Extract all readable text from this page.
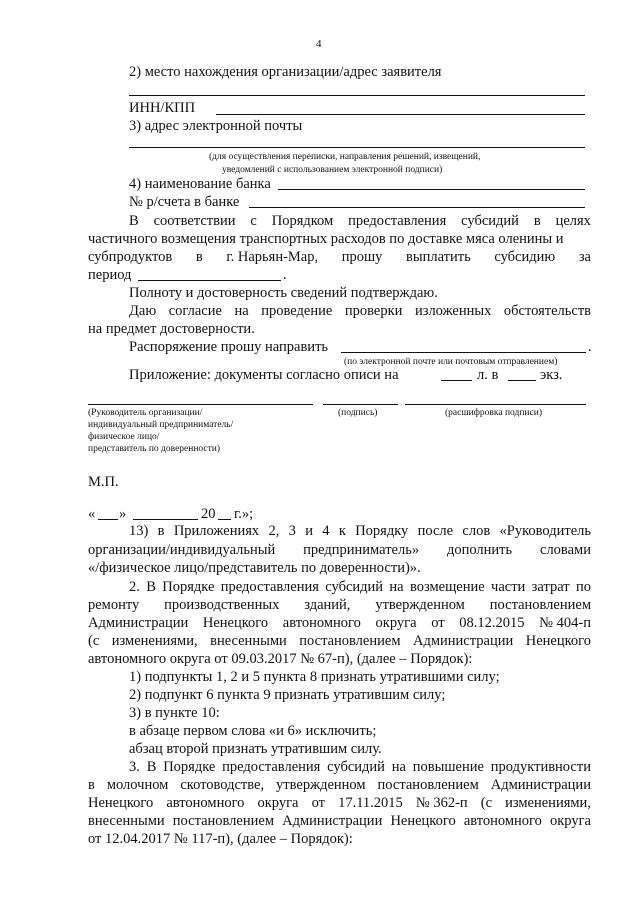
4
2) место нахождения организации/адрес заявителя
ИНН/КПП
3) адрес электронной почты
(для осуществления переписки, направления решений, извещений,
уведомлений с использованием электронной подписи)
4) наименование банка
№ р/счета в банке
В соответствии с Порядком предоставления субсидий в целях
частичного возмещения транспортных расходов по доставке мяса оленины и
субпродуктов в г. Нарьян-Мар, прошу выплатить субсидию за
период	.
Полноту и достоверность сведений подтверждаю.
Даю согласие на проведение проверки изложенных обстоятельств
на предмет достоверности.
Распоряжение прошу направить	.
(по электронной почте или почтовым отправлением)
Приложение: документы согласно описи на	л. в	экз.
(Руководитель организации/
индивидуальный предприниматель/
физическое лицо/
представитель по доверенности)
(подпись)	(расшифровка подписи)
М.П.
« »	20 г.»;
13) в Приложениях 2, 3 и 4 к Порядку после слов «Руководитель
организации/индивидуальный предприниматель» дополнить словами
«/физическое лицо/представитель по доверенности)».
2. В Порядке предоставления субсидий на возмещение части затрат по
ремонту производственных зданий, утвержденном постановлением
Администрации Ненецкого автономного округа от 08.12.2015 № 404-п
(с изменениями, внесенными постановлением Администрации Ненецкого
автономного округа от 09.03.2017 № 67-п), (далее – Порядок):
1) подпункты 1, 2 и 5 пункта 8 признать утратившими силу;
2) подпункт 6 пункта 9 признать утратившим силу;
3) в пункте 10:
в абзаце первом слова «и 6» исключить;
абзац второй признать утратившим силу.
3. В Порядке предоставления субсидий на повышение продуктивности
в молочном скотоводстве, утвержденном постановлением Администрации
Ненецкого автономного округа от 17.11.2015 № 362-п (с изменениями,
внесенными постановлением Администрации Ненецкого автономного округа
от 12.04.2017 № 117-п), (далее – Порядок):
